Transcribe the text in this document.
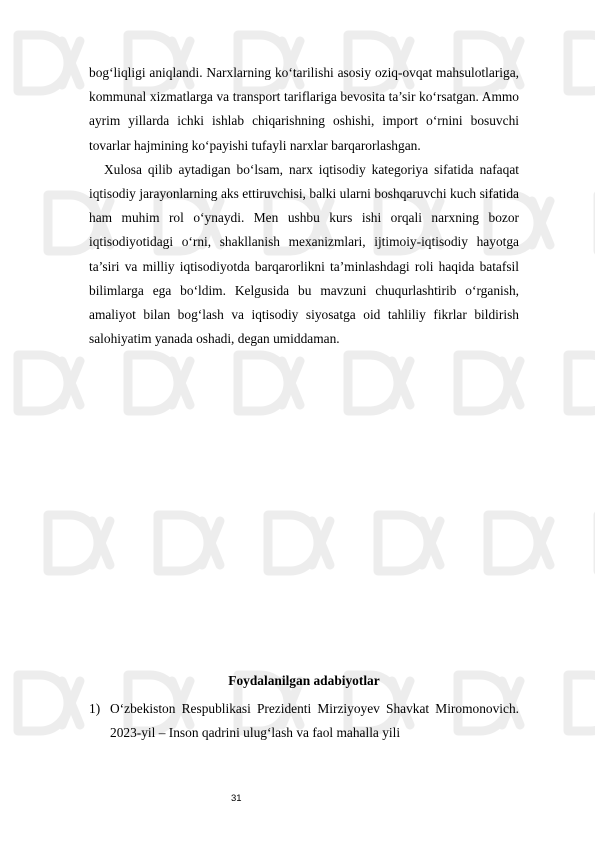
bog‘liqligi aniqlandi. Narxlarning ko‘tarilishi asosiy oziq-ovqat mahsulotlariga, kommunal xizmatlarga va transport tariflariga bevosita ta’sir ko‘rsatgan. Ammo ayrim yillarda ichki ishlab chiqarishning oshishi, import o‘rnini bosuvchi tovarlar hajmining ko‘payishi tufayli narxlar barqarorlashgan.

Xulosa qilib aytadigan bo‘lsam, narx iqtisodiy kategoriya sifatida nafaqat iqtisodiy jarayonlarning aks ettiruvchisi, balki ularni boshqaruvchi kuch sifatida ham muhim rol o‘ynaydi. Men ushbu kurs ishi orqali narxning bozor iqtisodiyotidagi o‘rni, shakllanish mexanizmlari, ijtimoiy-iqtisodiy hayotga ta’siri va milliy iqtisodiyotda barqarorlikni ta’minlashdagi roli haqida batafsil bilimlarga ega bo‘ldim. Kelgusida bu mavzuni chuqurlashtirib o‘rganish, amaliyot bilan bog‘lash va iqtisodiy siyosatga oid tahliliy fikrlar bildirish salohiyatim yanada oshadi, degan umiddaman.

Foydalanilgan adabiyotlar
1) O‘zbekiston Respublikasi Prezidenti Mirziyoyev Shavkat Miromonovich. 2023-yil – Inson qadrini ulug‘lash va faol mahalla yili
31
